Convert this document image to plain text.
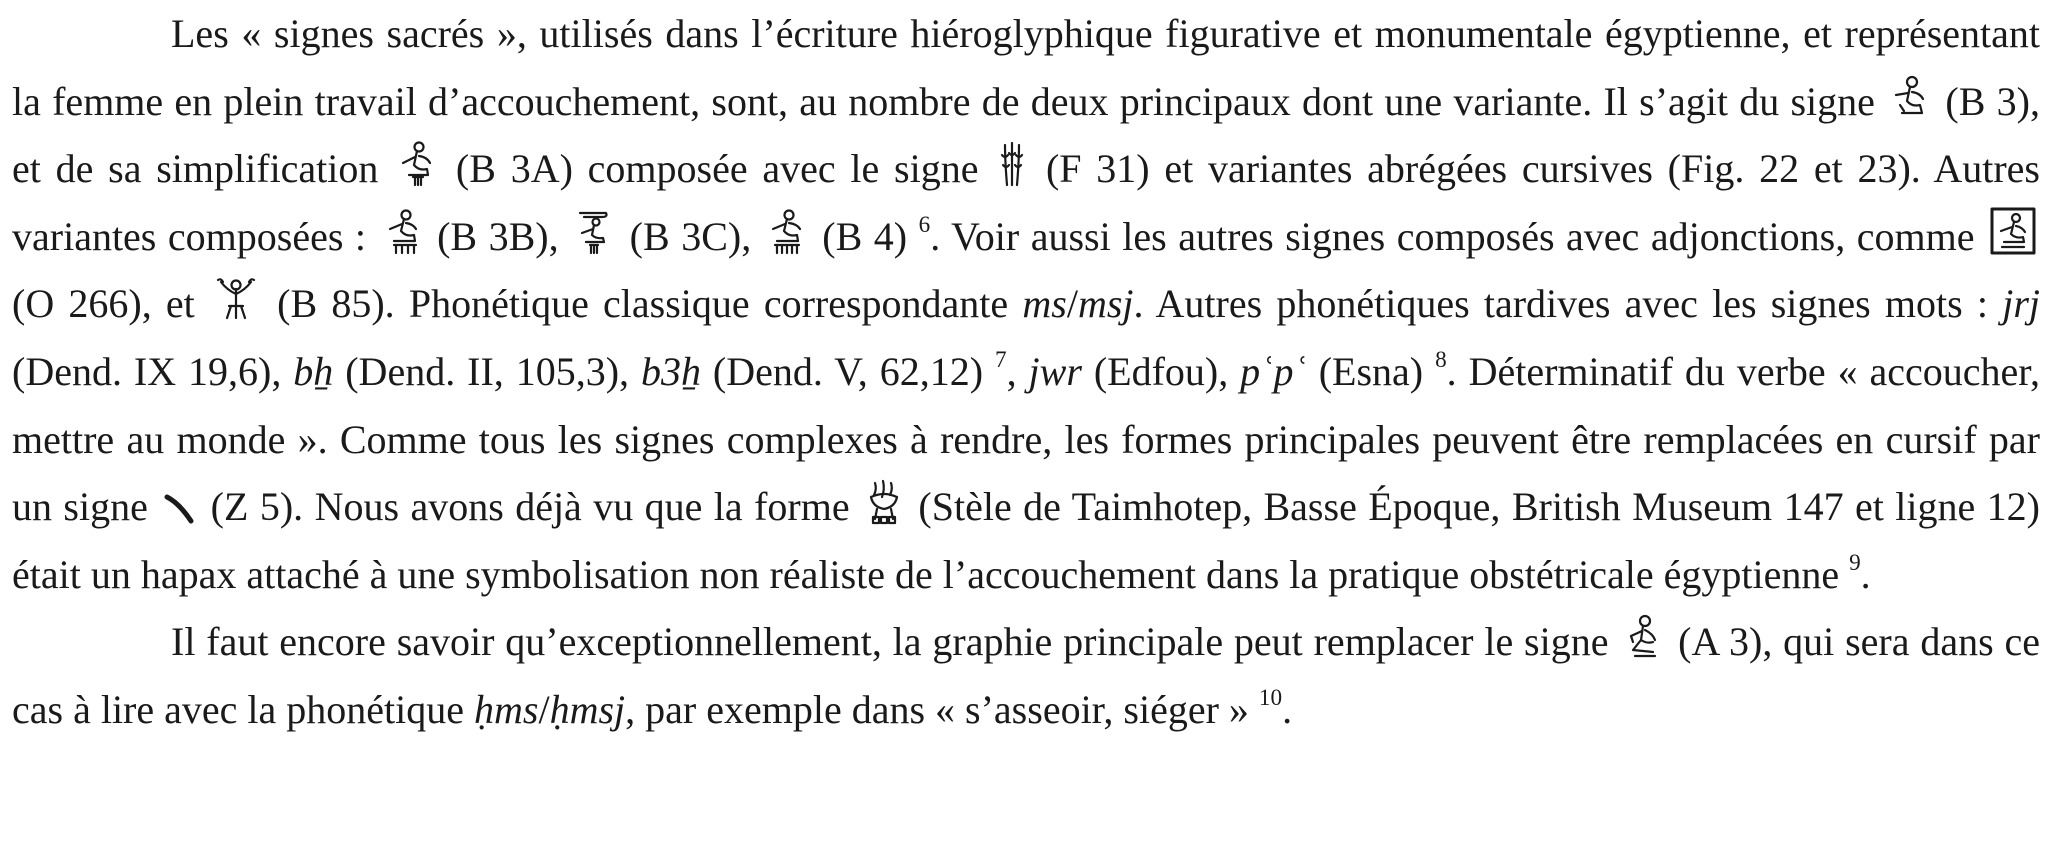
Les « signes sacrés », utilisés dans l’écriture hiéroglyphique figurative et monumentale égyptienne, et représentant la femme en plein travail d’accouchement, sont, au nombre de deux principaux dont une variante. Il s’agit du signe
(B 3), et de sa simplification
(B 3A) composée avec le signe
(F 31) et variantes abrégées cursives (Fig. 22 et 23). Autres variantes composées :
(B 3B),
(B 3C),
(B 4) $^6$. Voir aussi les autres signes composés avec adjonctions, comme
(O 266), et
(B 85). Phonétique classique correspondante ms/msj. Autres phonétiques tardives avec les signes mots : jrj (Dend. IX 19,6), bẖ (Dend. II, 105,3), b3ẖ (Dend. V, 62,12) $^7$, jwr (Edfou), pʿpʿ (Esna) $^8$. Déterminatif du verbe « accoucher, mettre au monde ». Comme tous les signes complexes à rendre, les formes principales peuvent être remplacées en cursif par un signe
(Z 5). Nous avons déjà vu que la forme
(Stèle de Taimhotep, Basse Époque, British Museum 147 et ligne 12) était un hapax attaché à une symbolisation non réaliste de l’accouchement dans la pratique obstétricale égyptienne $^9$.

Il faut encore savoir qu’exceptionnellement, la graphie principale peut remplacer le signe
(A 3), qui sera dans ce cas à lire avec la phonétique ḥms/ḥmsj, par exemple dans « s’asseoir, siéger » $^{10}$.
